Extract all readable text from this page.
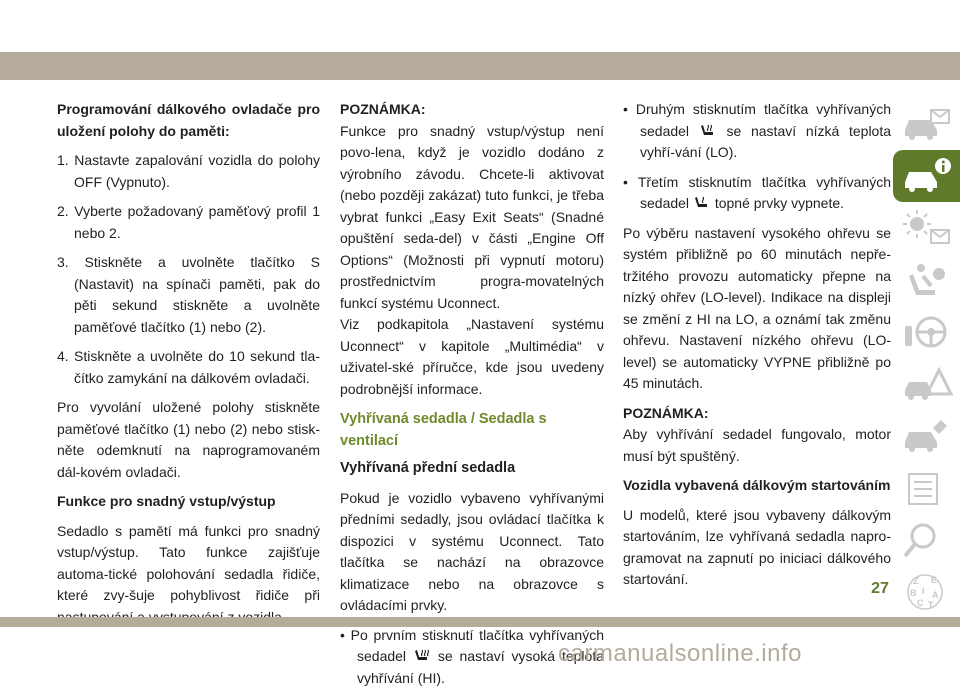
Programování dálkového ovladače pro uložení polohy do paměti:

1. Nastavte zapalování vozidla do polohy OFF (Vypnuto).

2. Vyberte požadovaný paměťový profil 1 nebo 2.

3. Stiskněte a uvolněte tlačítko S (Nastavit) na spínači paměti, pak do pěti sekund stiskněte a uvolněte paměťové tlačítko (1) nebo (2).

4. Stiskněte a uvolněte do 10 sekund tla-čítko zamykání na dálkovém ovladači.

Pro vyvolání uložené polohy stiskněte paměťové tlačítko (1) nebo (2) nebo stisk-něte odemknutí na naprogramovaném dál-kovém ovladači.

Funkce pro snadný vstup/výstup

Sedadlo s pamětí má funkci pro snadný vstup/výstup. Tato funkce zajišťuje automa-tické polohování sedadla řidiče, které zvy-šuje pohyblivost řidiče při

POZNÁMKA:

Funkce pro snadný vstup/výstup není povo-lena, když je vozidlo dodáno z výrobního závodu. Chcete-li aktivovat (nebo později zakázat) tuto funkci, je třeba vybrat funkci „Easy Exit Seats“ (Snadné opuštění seda-del) v části „Engine Off Options“ (Možnosti při vypnutí motoru) prostřednictvím progra-movatelných funkcí systému Uconnect.

Viz podkapitola „Nastavení systému Uconnect“ v kapitole „Multimédia“ v uživatel-ské příručce, kde jsou uvedeny podrobnější informace.

Vyhřívaná sedadla / Sedadla s ventilací
Vyhřívaná přední sedadla

Pokud je vozidlo vybaveno vyhřívanými předními sedadly, jsou ovládací tlačítka k dispozici v systému Uconnect. Tato tlačítka se nachází na obrazovce klimatizace nebo na obrazovce s ovládacími prvky.

• Po prvním stisknutí tlačítka vyhřívaných sedadel se nastaví vysoká teplota vyhřívání (HI).

• Druhým stisknutím tlačítka vyhřívaných sedadel	se nastaví nízká teplota vyhří-vání (LO).

• Třetím stisknutím tlačítka vyhřívaných sedadel topné prvky vypnete.

Po výběru nastavení vysokého ohřevu se systém přibližně po 60 minutách nepře-tržitého provozu automaticky přepne na nízký ohřev (LO-level). Indikace na displeji se změní z HI na LO, a oznámí tak změnu ohřevu. Nastavení nízkého ohřevu (LO-level) se automaticky VYPNE přibližně po 45 minutách.

POZNÁMKA:

Aby vyhřívání sedadel fungovalo, motor musí být spuštěný.

Vozidla vybavená dálkovým startováním

U modelů, které jsou vybaveny dálkovým startováním, lze vyhřívaná sedadla napro-gramovat na zapnutí po iniciaci dálkového startování.	Z E
B A
C T
I
27
carmanualsonline.info
